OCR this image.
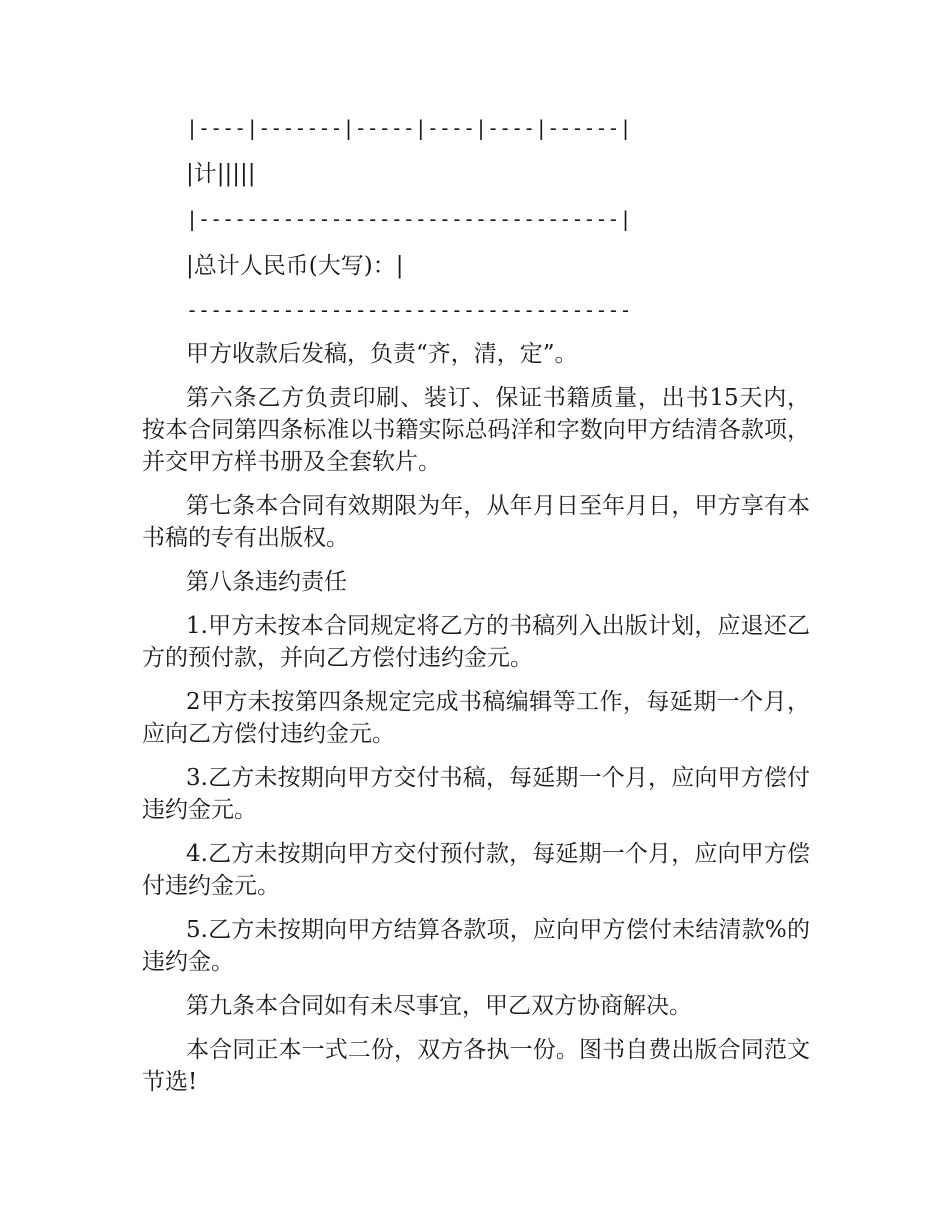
|----|-------|-----|----|----|------|
|计|||||
|-----------------------------------|
|总计人民币(大写)：|
-------------------------------------

甲方收款后发稿，负责“齐，清，定”。

第六条乙方负责印刷、装订、保证书籍质量，出书15天内，按本合同第四条标准以书籍实际总码洋和字数向甲方结清各款项，并交甲方样书册及全套软片。

第七条本合同有效期限为年，从年月日至年月日，甲方享有本书稿的专有出版权。

第八条违约责任

1.甲方未按本合同规定将乙方的书稿列入出版计划，应退还乙方的预付款，并向乙方偿付违约金元。

2甲方未按第四条规定完成书稿编辑等工作，每延期一个月，应向乙方偿付违约金元。

3.乙方未按期向甲方交付书稿，每延期一个月，应向甲方偿付违约金元。

4.乙方未按期向甲方交付预付款，每延期一个月，应向甲方偿付违约金元。

5.乙方未按期向甲方结算各款项，应向甲方偿付未结清款%的违约金。

第九条本合同如有未尽事宜，甲乙双方协商解决。

本合同正本一式二份，双方各执一份。图书自费出版合同范文节选!
